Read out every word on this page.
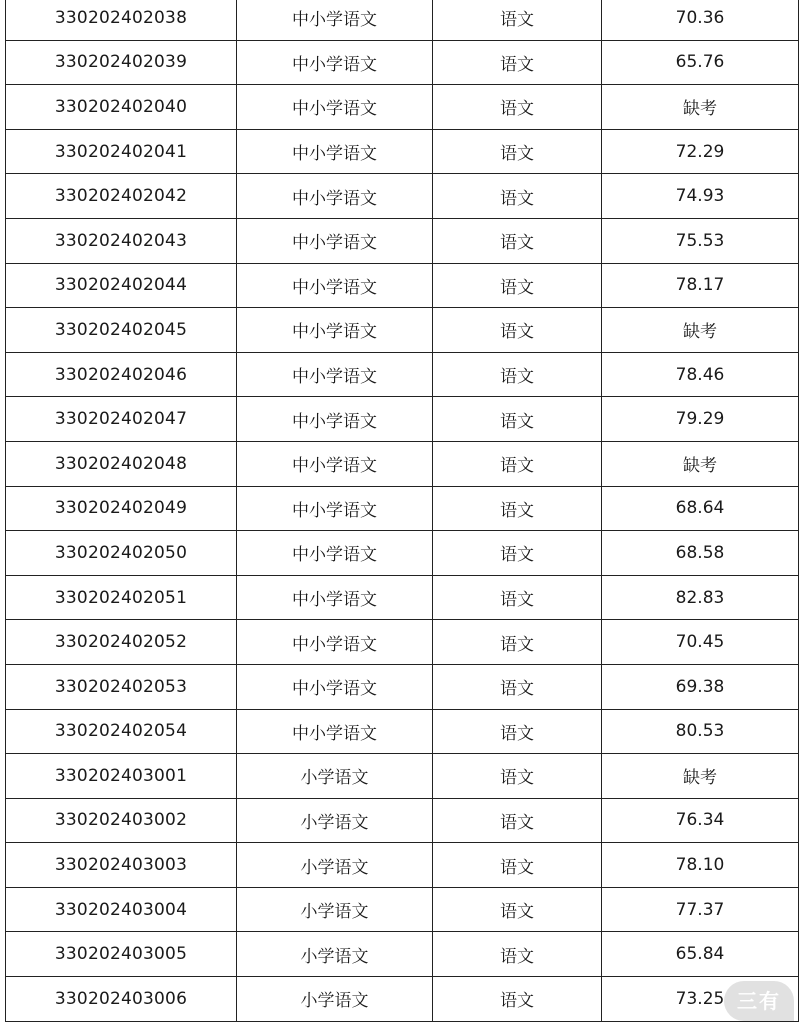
330202402038	中小学语文	语文	70.36
330202402039	中小学语文	语文	65.76
330202402040	中小学语文	语文	缺考
330202402041	中小学语文	语文	72.29
330202402042	中小学语文	语文	74.93
330202402043	中小学语文	语文	75.53
330202402044	中小学语文	语文	78.17
330202402045	中小学语文	语文	缺考
330202402046	中小学语文	语文	78.46
330202402047	中小学语文	语文	79.29
330202402048	中小学语文	语文	缺考
330202402049	中小学语文	语文	68.64
330202402050	中小学语文	语文	68.58
330202402051	中小学语文	语文	82.83
330202402052	中小学语文	语文	70.45
330202402053	中小学语文	语文	69.38
330202402054	中小学语文	语文	80.53
330202403001	小学语文	语文	缺考
330202403002	小学语文	语文	76.34
330202403003	小学语文	语文	78.10
330202403004	小学语文	语文	77.37
330202403005	小学语文	语文	65.84
330202403006	小学语文	语文	73.25 三有
